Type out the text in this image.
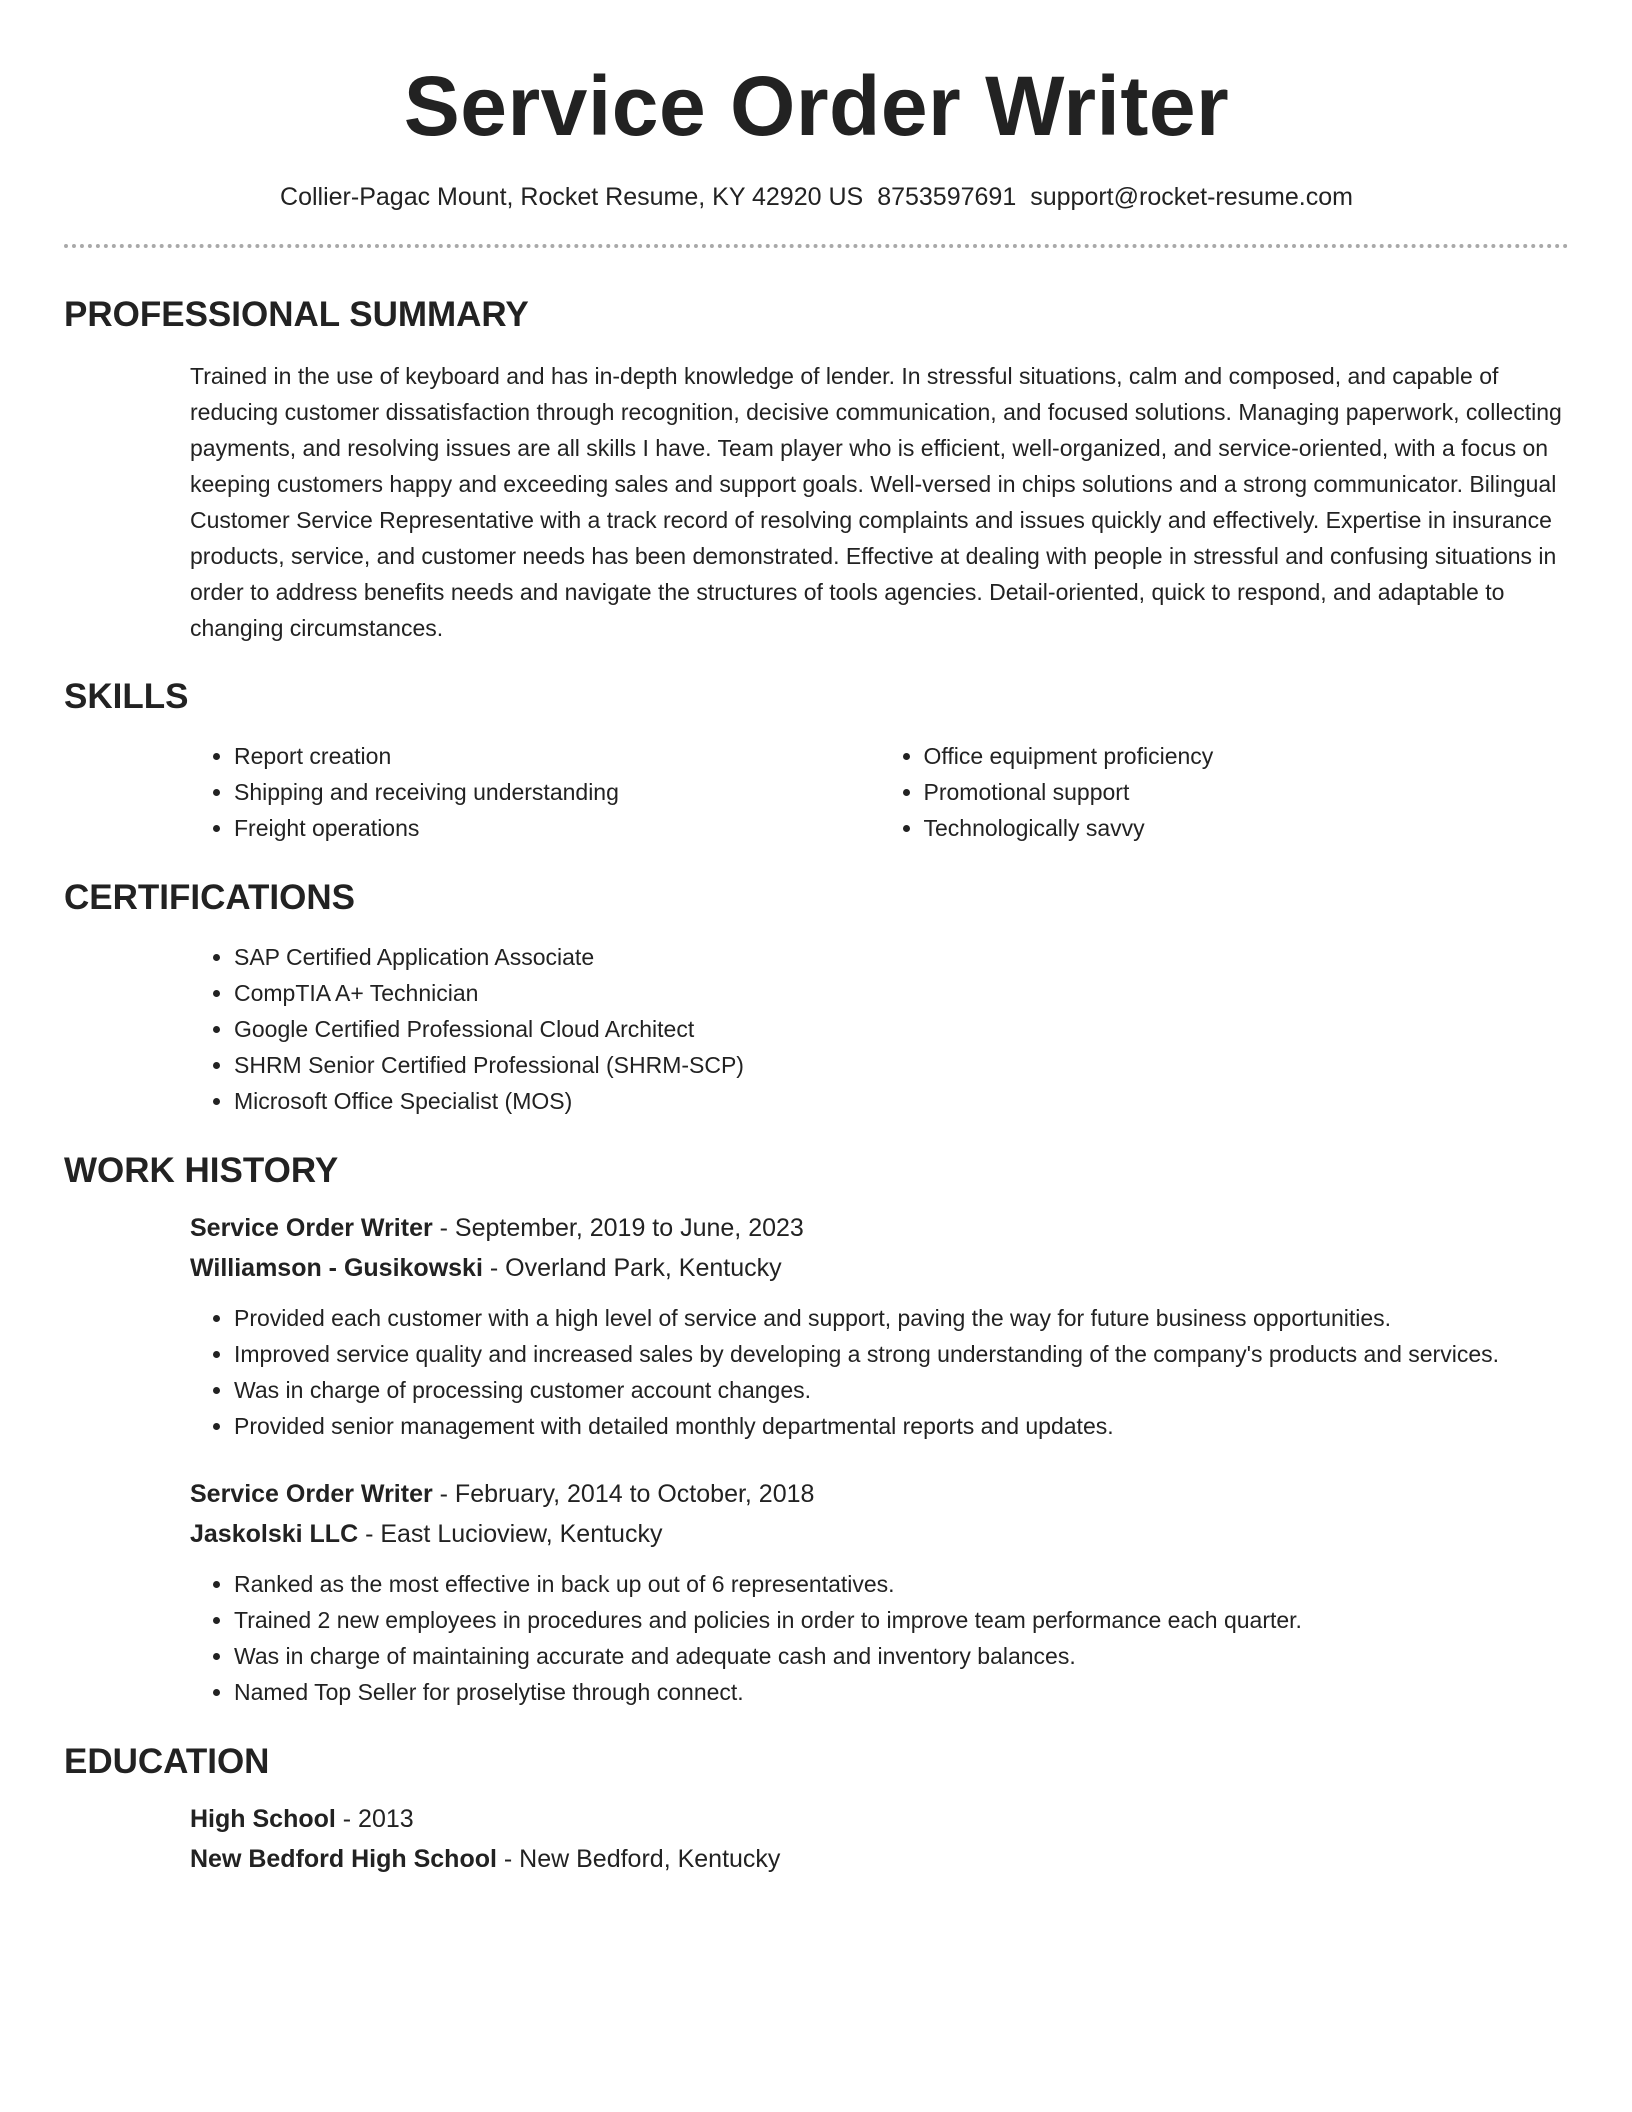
Service Order Writer
Collier-Pagac Mount, Rocket Resume, KY 42920 US 8753597691 support@rocket-resume.com
PROFESSIONAL SUMMARY

Trained in the use of keyboard and has in-depth knowledge of lender. In stressful situations, calm and composed, and capable of reducing customer dissatisfaction through recognition, decisive communication, and focused solutions. Managing paperwork, collecting payments, and resolving issues are all skills I have. Team player who is efficient, well-organized, and service-oriented, with a focus on keeping customers happy and exceeding sales and support goals. Well-versed in chips solutions and a strong communicator. Bilingual Customer Service Representative with a track record of resolving complaints and issues quickly and effectively. Expertise in insurance products, service, and customer needs has been demonstrated. Effective at dealing with people in stressful and confusing situations in order to address benefits needs and navigate the structures of tools agencies. Detail-oriented, quick to respond, and adaptable to changing circumstances.

SKILLS
• Report creation
• Shipping and receiving understanding
• Freight operations
• Office equipment proficiency
• Promotional support
• Technologically savvy
CERTIFICATIONS
• SAP Certified Application Associate
• CompTIA A+ Technician
• Google Certified Professional Cloud Architect
• SHRM Senior Certified Professional (SHRM-SCP)
• Microsoft Office Specialist (MOS)
WORK HISTORY
Service Order Writer - September, 2019 to June, 2023
Williamson - Gusikowski - Overland Park, Kentucky
• Provided each customer with a high level of service and support, paving the way for future business opportunities.
• Improved service quality and increased sales by developing a strong understanding of the company's products and services.
• Was in charge of processing customer account changes.
• Provided senior management with detailed monthly departmental reports and updates.
Service Order Writer - February, 2014 to October, 2018
Jaskolski LLC - East Lucioview, Kentucky
• Ranked as the most effective in back up out of 6 representatives.
• Trained 2 new employees in procedures and policies in order to improve team performance each quarter.
• Was in charge of maintaining accurate and adequate cash and inventory balances.
• Named Top Seller for proselytise through connect.
EDUCATION
High School - 2013
New Bedford High School - New Bedford, Kentucky
